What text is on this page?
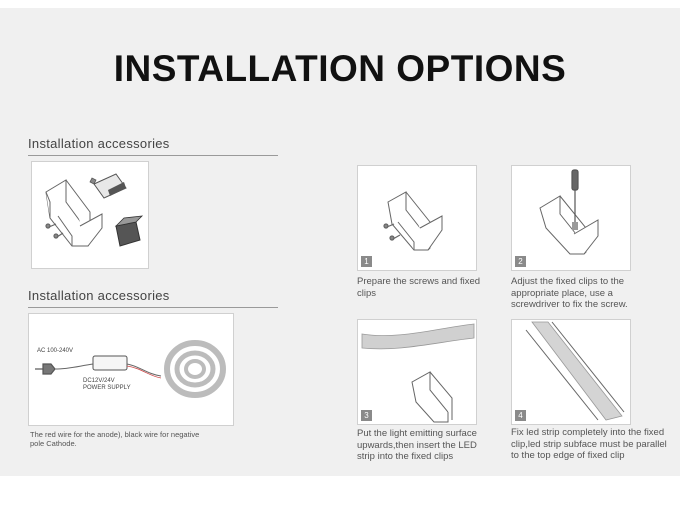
INSTALLATION OPTIONS
Installation accessories
Installation accessories
AC 100-240V
DC12V/24V
POWER SUPPLY
The red wire for the anode), black wire for negative pole Cathode.
1
Prepare the screws and fixed clips
2
Adjust the fixed clips to the appropriate place, use a screwdriver to fix the screw.
3
Put the light emitting surface upwards,then insert the LED strip into the fixed clips
4
Fix led strip completely into the fixed clip,led strip subface must be parallel to the top edge of fixed clip
